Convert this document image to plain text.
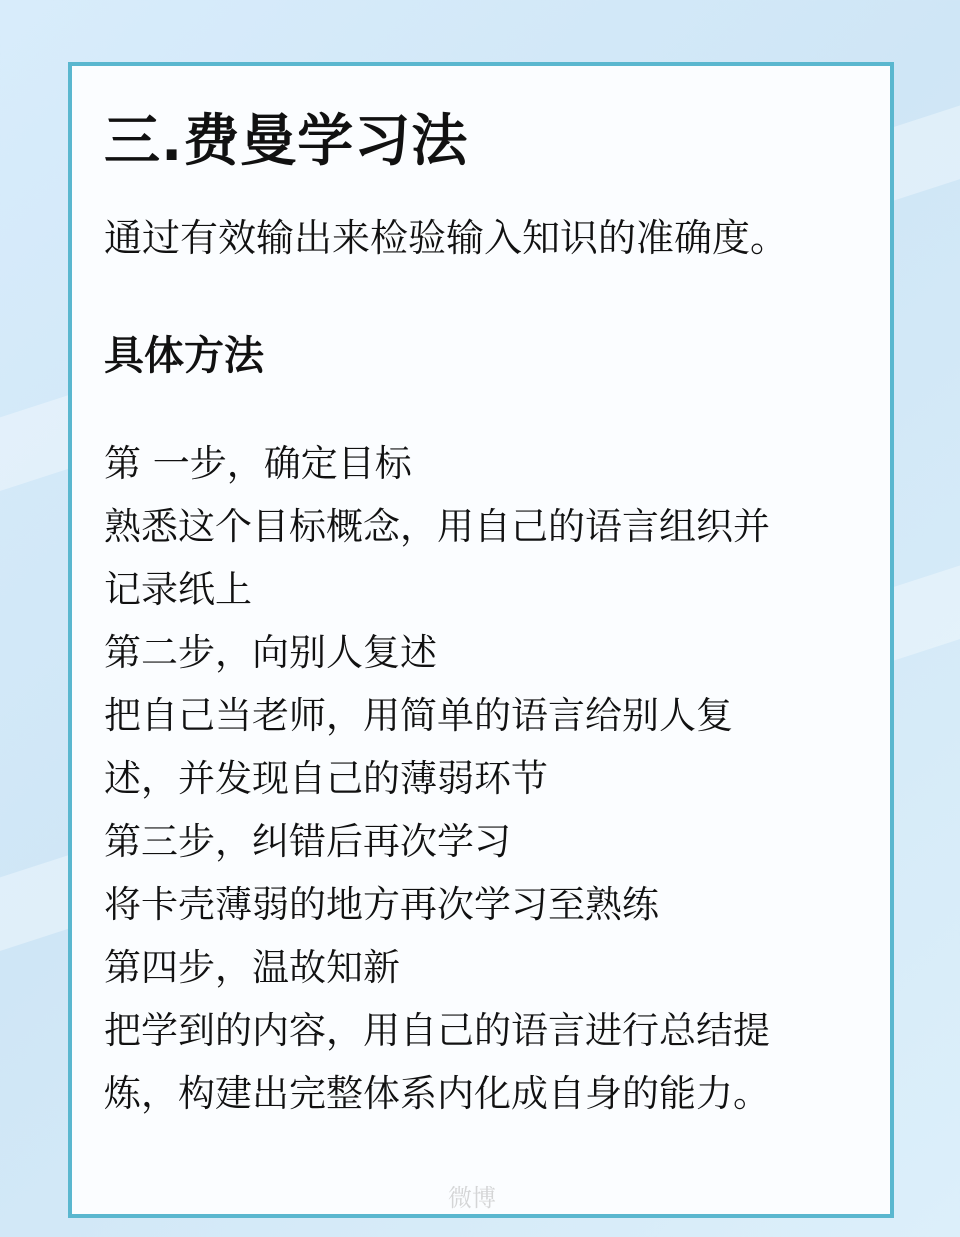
三.费曼学习法

通过有效输出来检验输入知识的准确度。

具体方法

第 一步，确定目标

熟悉这个目标概念，用自己的语言组织并

记录纸上

第二步，向别人复述

把自己当老师，用简单的语言给别人复

述，并发现自己的薄弱环节

第三步，纠错后再次学习

将卡壳薄弱的地方再次学习至熟练

第四步，温故知新

把学到的内容，用自己的语言进行总结提

炼，构建出完整体系内化成自身的能力。

微博
